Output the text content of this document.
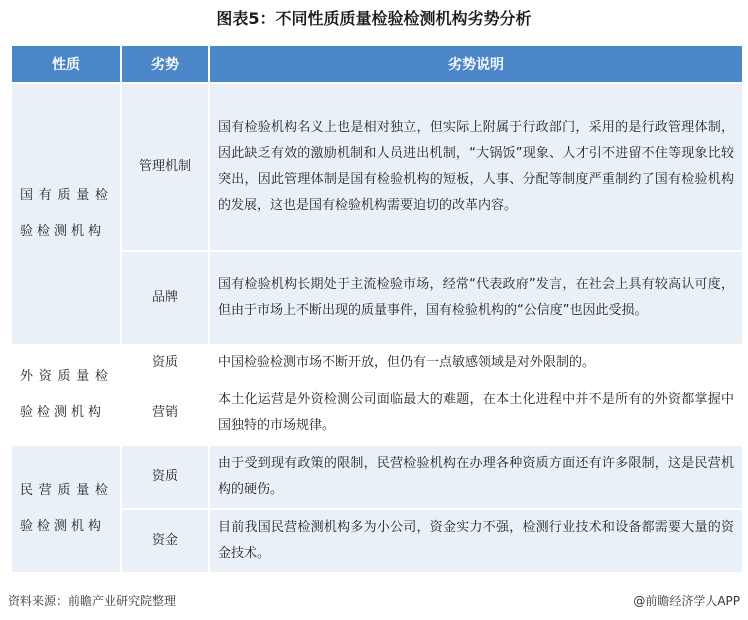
图表5：不同性质质量检验检测机构劣势分析
性质	劣势	劣势说明
国有质量检验检测机构	管理机制	国有检验机构名义上也是相对独立，但实际上附属于行政部门，采用的是行政管理体制，因此缺乏有效的激励机制和人员进出机制，“大锅饭”现象、人才引不进留不住等现象比较突出，因此管理体制是国有检验机构的短板，人事、分配等制度严重制约了国有检验机构的发展，这也是国有检验机构需要迫切的改革内容。
	品牌	国有检验机构长期处于主流检验市场，经常“代表政府”发言，在社会上具有较高认可度，但由于市场上不断出现的质量事件，国有检验机构的“公信度”也因此受损。
外资质量检验检测机构	资质	中国检验检测市场不断开放，但仍有一点敏感领域是对外限制的。
	营销	本土化运营是外资检测公司面临最大的难题，在本土化进程中并不是所有的外资都掌握中国独特的市场规律。
民营质量检验检测机构	资质	由于受到现有政策的限制，民营检验机构在办理各种资质方面还有许多限制，这是民营机构的硬伤。
	资金	目前我国民营检测机构多为小公司，资金实力不强，检测行业技术和设备都需要大量的资金技术。
资料来源：前瞻产业研究院整理	@前瞻经济学人APP
